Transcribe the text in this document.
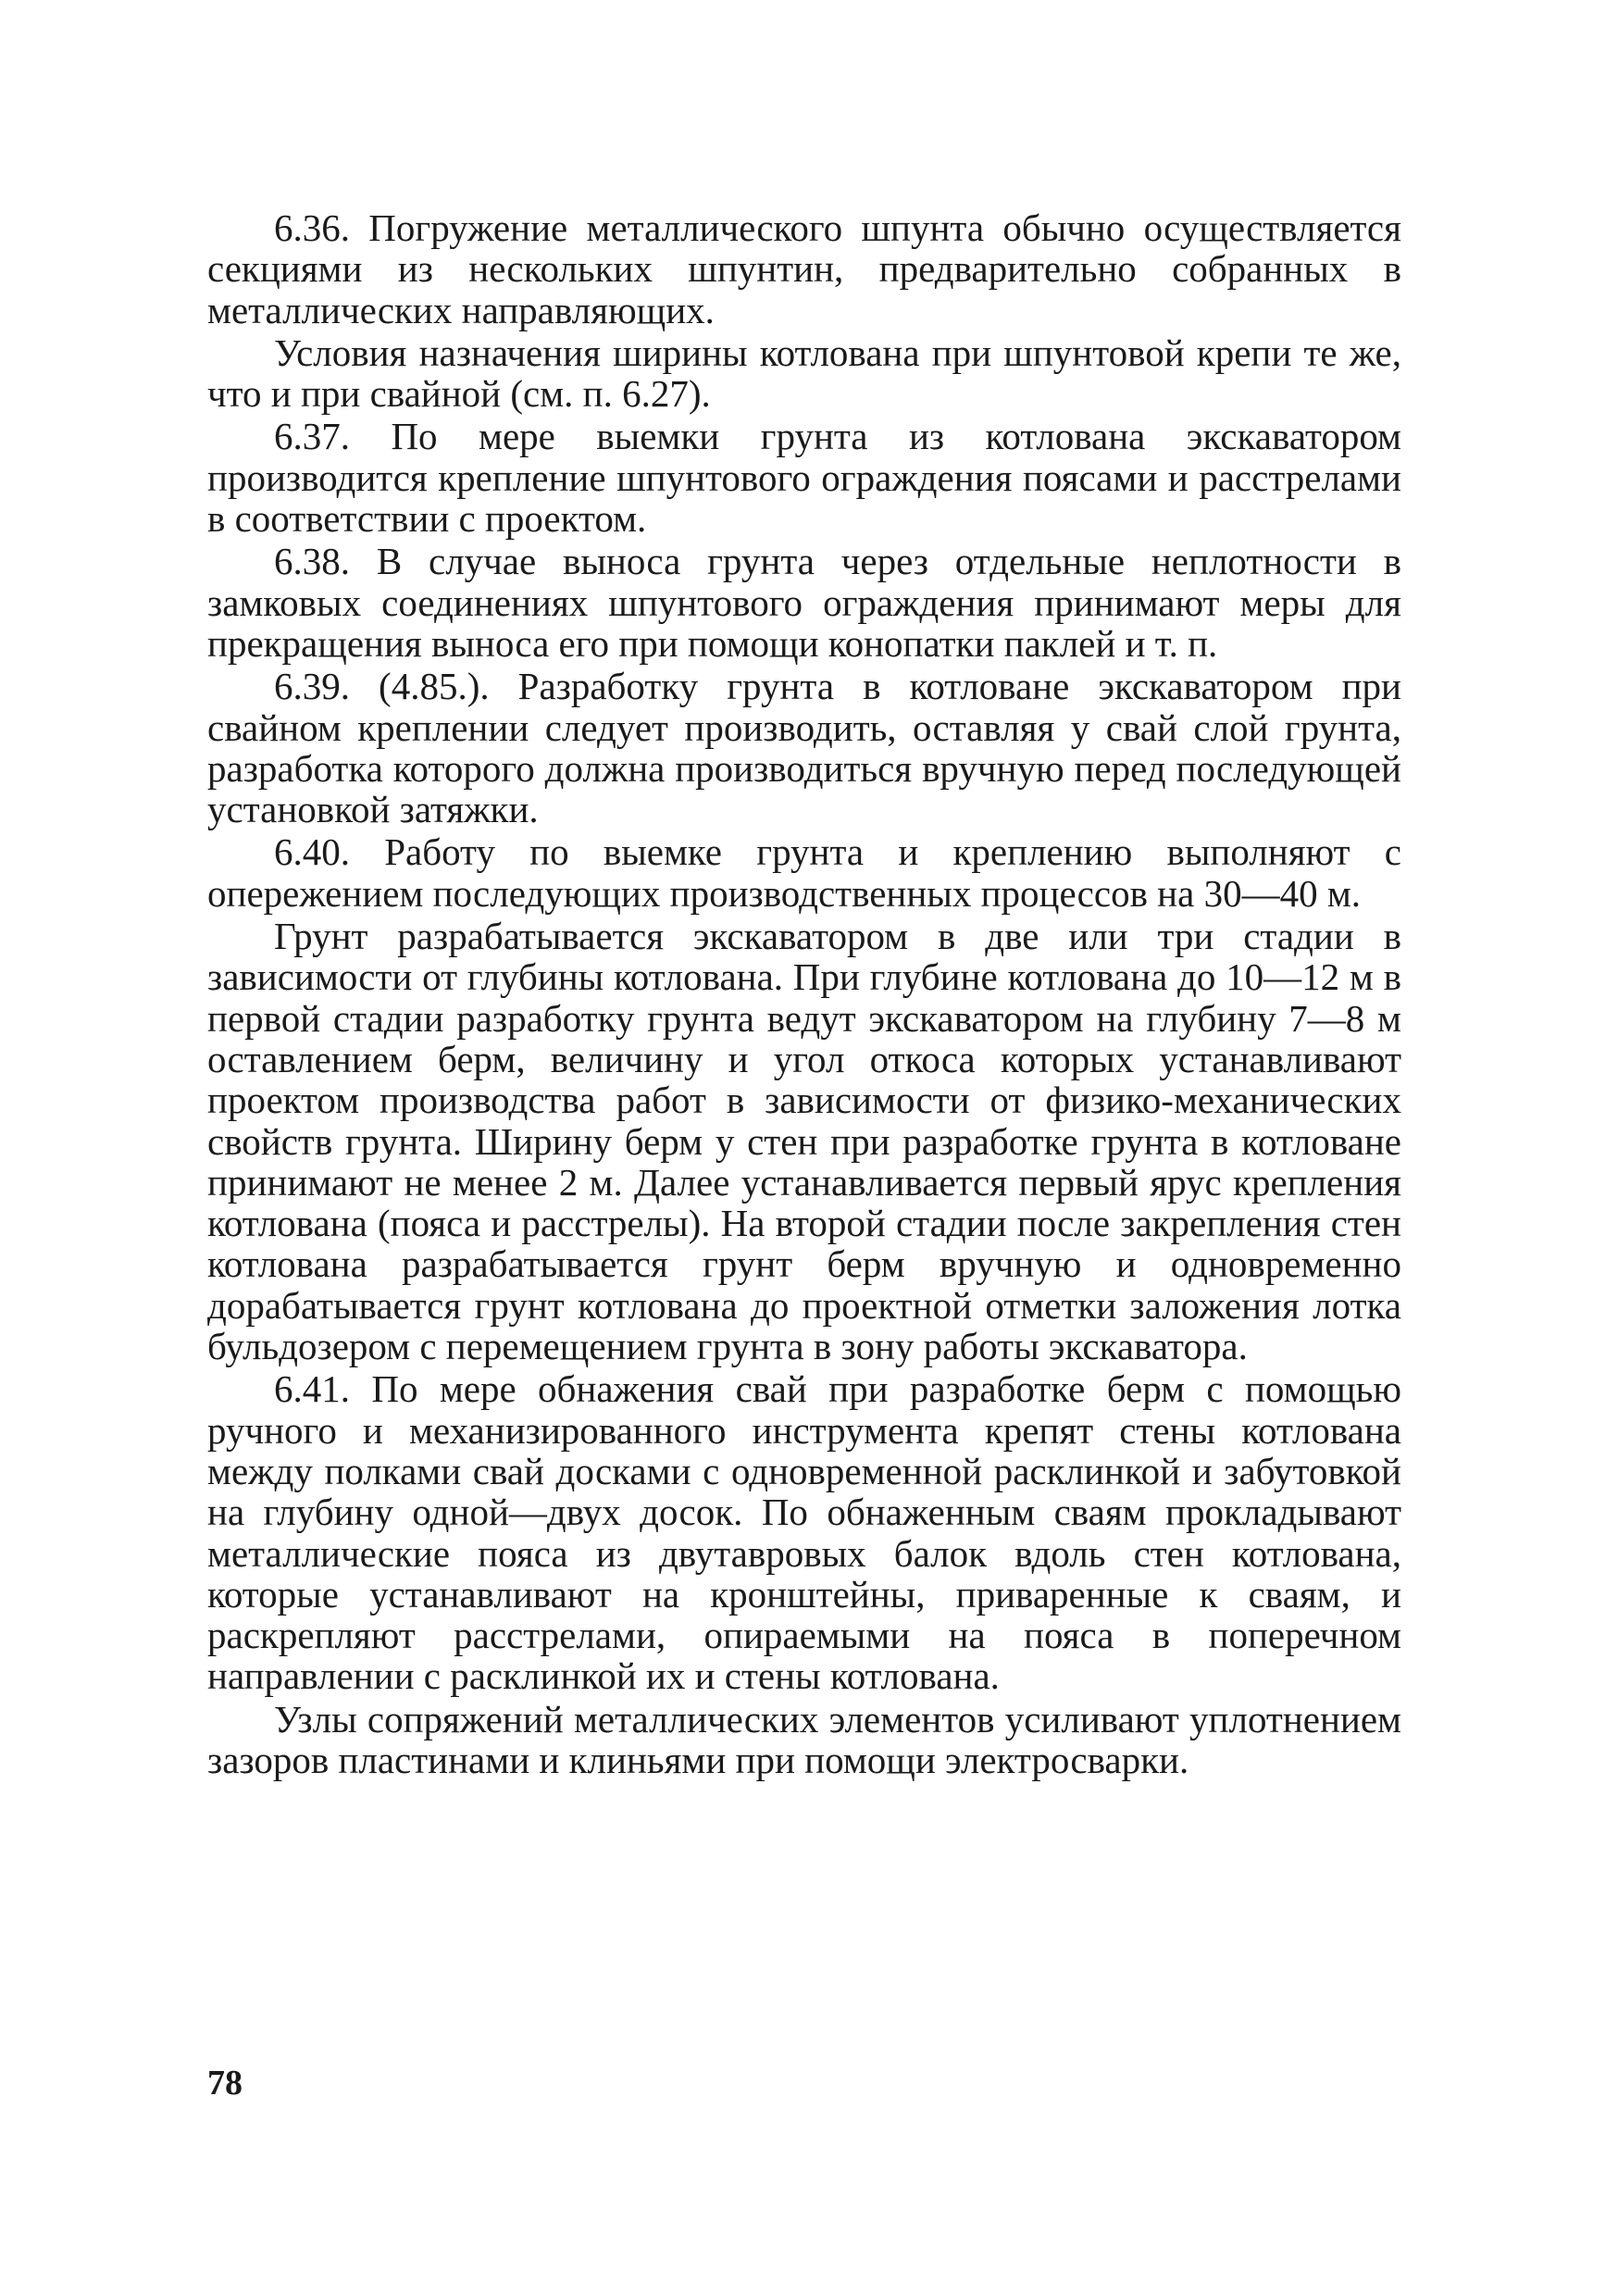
6.36. Погружение металлического шпунта обычно осуществляется секциями из нескольких шпунтин, предварительно собранных в металлических направляющих.

Условия назначения ширины котлована при шпунтовой крепи те же, что и при свайной (см. п. 6.27).

6.37. По мере выемки грунта из котлована экскаватором производится крепление шпунтового ограждения поясами и расстрелами в соответствии с проектом.

6.38. В случае выноса грунта через отдельные неплотности в замковых соединениях шпунтового ограждения принимают меры для прекращения выноса его при помощи конопатки паклей и т. п.

6.39. (4.85.). Разработку грунта в котловане экскаватором при свайном креплении следует производить, оставляя у свай слой грунта, разработка которого должна производиться вручную перед последующей установкой затяжки.

6.40. Работу по выемке грунта и креплению выполняют с опережением последующих производственных процессов на 30—40 м.

Грунт разрабатывается экскаватором в две или три стадии в зависимости от глубины котлована. При глубине котлована до 10—12 м в первой стадии разработку грунта ведут экскаватором на глубину 7—8 м оставлением берм, величину и угол откоса которых устанавливают проектом производства работ в зависимости от физико-механических свойств грунта. Ширину берм у стен при разработке грунта в котловане принимают не менее 2 м. Далее устанавливается первый ярус крепления котлована (пояса и расстрелы). На второй стадии после закрепления стен котлована разрабатывается грунт берм вручную и одновременно дорабатывается грунт котлована до проектной отметки заложения лотка бульдозером с перемещением грунта в зону работы экскаватора.

6.41. По мере обнажения свай при разработке берм с помощью ручного и механизированного инструмента крепят стены котлована между полками свай досками с одновременной расклинкой и забутовкой на глубину одной—двух досок. По обнаженным сваям прокладывают металлические пояса из двутавровых балок вдоль стен котлована, которые устанавливают на кронштейны, приваренные к сваям, и раскрепляют расстрелами, опираемыми на пояса в поперечном направлении с расклинкой их и стены котлована.

Узлы сопряжений металлических элементов усиливают уплотнением зазоров пластинами и клиньями при помощи электросварки.

78
